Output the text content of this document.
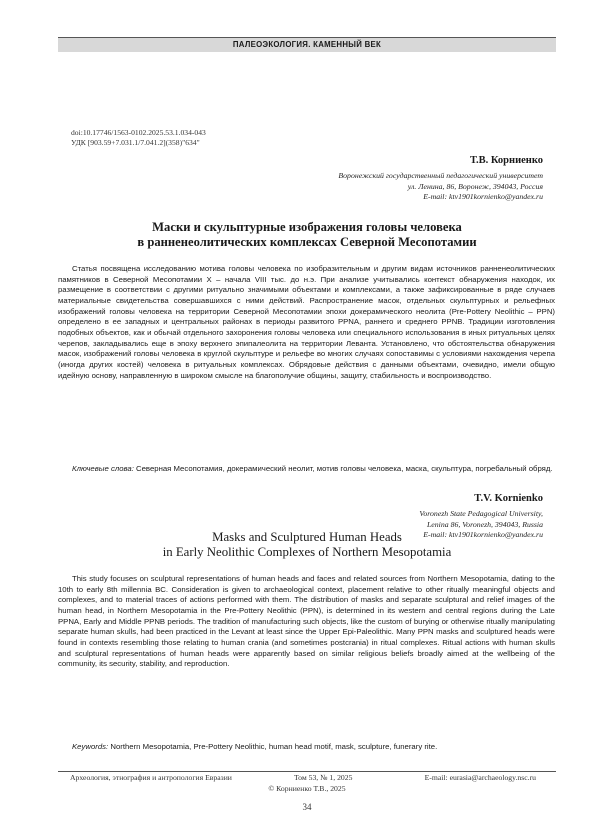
ПАЛЕОЭКОЛОГИЯ. КАМЕННЫЙ ВЕК
doi:10.17746/1563-0102.2025.53.1.034-043
УДК [903.59+7.031.1/7.041.2](358)"634"
Т.В. Корниенко
Воронежский государственный педагогический университет
ул. Ленина, 86, Воронеж, 394043, Россия
E-mail: ktv1901kornienko@yandex.ru
Маски и скульптурные изображения головы человека
в ранненеолитических комплексах Северной Месопотамии
Статья посвящена исследованию мотива головы человека по изобразительным и другим видам источников ранненеолитических памятников в Северной Месопотамии X – начала VIII тыс. до н.э. При анализе учитывались контекст обнаружения находок, их размещение в соответствии с другими ритуально значимыми объектами и комплексами, а также зафиксированные в ряде случаев материальные свидетельства совершавшихся с ними действий. Распространение масок, отдельных скульптурных и рельефных изображений головы человека на территории Северной Месопотамии эпохи докерамического неолита (Pre-Pottery Neolithic – PPN) определено в ее западных и центральных районах в периоды развитого PPNA, раннего и среднего PPNB. Традиции изготовления подобных объектов, как и обычай отдельного захоронения головы человека или специального использования в иных ритуальных целях черепов, закладывались еще в эпоху верхнего эпипалеолита на территории Леванта. Установлено, что обстоятельства обнаружения масок, изображений головы человека в круглой скульптуре и рельефе во многих случаях сопоставимы с условиями нахождения черепа (иногда других костей) человека в ритуальных комплексах. Обрядовые действия с данными объектами, очевидно, имели общую идейную основу, направленную в широком смысле на благополучие общины, защиту, стабильность и воспроизводство.
Ключевые слова: Северная Месопотамия, докерамический неолит, мотив головы человека, маска, скульптура, погребальный обряд.
T.V. Kornienko
Voronezh State Pedagogical University,
Lenina 86, Voronezh, 394043, Russia
E-mail: ktv1901kornienko@yandex.ru
Masks and Sculptured Human Heads
in Early Neolithic Complexes of Northern Mesopotamia
This study focuses on sculptural representations of human heads and faces and related sources from Northern Mesopotamia, dating to the 10th to early 8th millennia BC. Consideration is given to archaeological context, placement relative to other ritually meaningful objects and complexes, and to material traces of actions performed with them. The distribution of masks and separate sculptural and relief images of the human head, in Northern Mesopotamia in the Pre-Pottery Neolithic (PPN), is determined in its western and central regions during the Late PPNA, Early and Middle PPNB periods. The tradition of manufacturing such objects, like the custom of burying or otherwise ritually manipulating separate human skulls, had been practiced in the Levant at least since the Upper Epi-Paleolithic. Many PPN masks and sculptured heads were found in contexts resembling those relating to human crania (and sometimes postcrania) in ritual complexes. Ritual actions with human skulls and sculptural representations of human heads were apparently based on similar religious beliefs broadly aimed at the wellbeing of the community, its security, stability, and reproduction.
Keywords: Northern Mesopotamia, Pre-Pottery Neolithic, human head motif, mask, sculpture, funerary rite.
Археология, этнография и антропология Евразии	Том 53, № 1, 2025	E-mail: eurasia@archaeology.nsc.ru
© Корниенко Т.В., 2025
34
